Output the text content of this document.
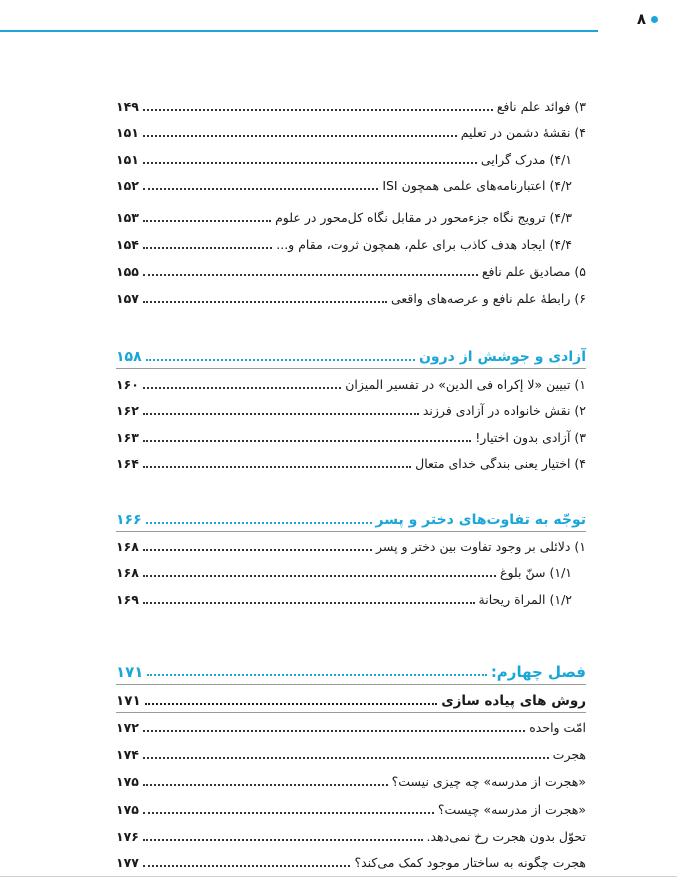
۸
۳) فوائد علم نافع
۱۴۹
۴) نقشهٔ دشمن در تعلیم
۱۵۱
۴/۱) مدرک گرایی
۱۵۱
۴/۲) اعتبارنامه‌های علمی همچون ISI
۱۵۲
۴/۳) ترویج نگاه جزءمحور در مقابل نگاه کل‌محور در علوم
۱۵۳
۴/۴) ایجاد هدف کاذب برای علم، همچون ثروت، مقام و...
۱۵۴
۵) مصادیق علم نافع
۱۵۵
۶) رابطهٔ علم نافع و عرصه‌های واقعی
۱۵۷
آزادی و جوشش از درون
۱۵۸
۱) تبیین «لا إکراه فی الدین» در تفسیر المیزان
۱۶۰
۲) نقش خانواده در آزادی فرزند
۱۶۲
۳) آزادی بدون اختیار!
۱۶۳
۴) اختیار یعنی بندگی خدای متعال
۱۶۴
توجّه به تفاوت‌های دختر و پسر
۱۶۶
۱) دلائلی بر وجود تفاوت بین دختر و پسر
۱۶۸
۱/۱) سنّ بلوغ
۱۶۸
۱/۲) المراة ریحانة
۱۶۹
فصل چهارم:
۱۷۱
روش های پیاده سازی
۱۷۱
امّت واحده
۱۷۲
هجرت
۱۷۴
«هجرت از مدرسه» چه چیزی نیست؟
۱۷۵
«هجرت از مدرسه» چیست؟
۱۷۵
تحوّل بدون هجرت رخ نمی‌دهد.
۱۷۶
هجرت چگونه به ساختار موجود کمک می‌کند؟
۱۷۷
